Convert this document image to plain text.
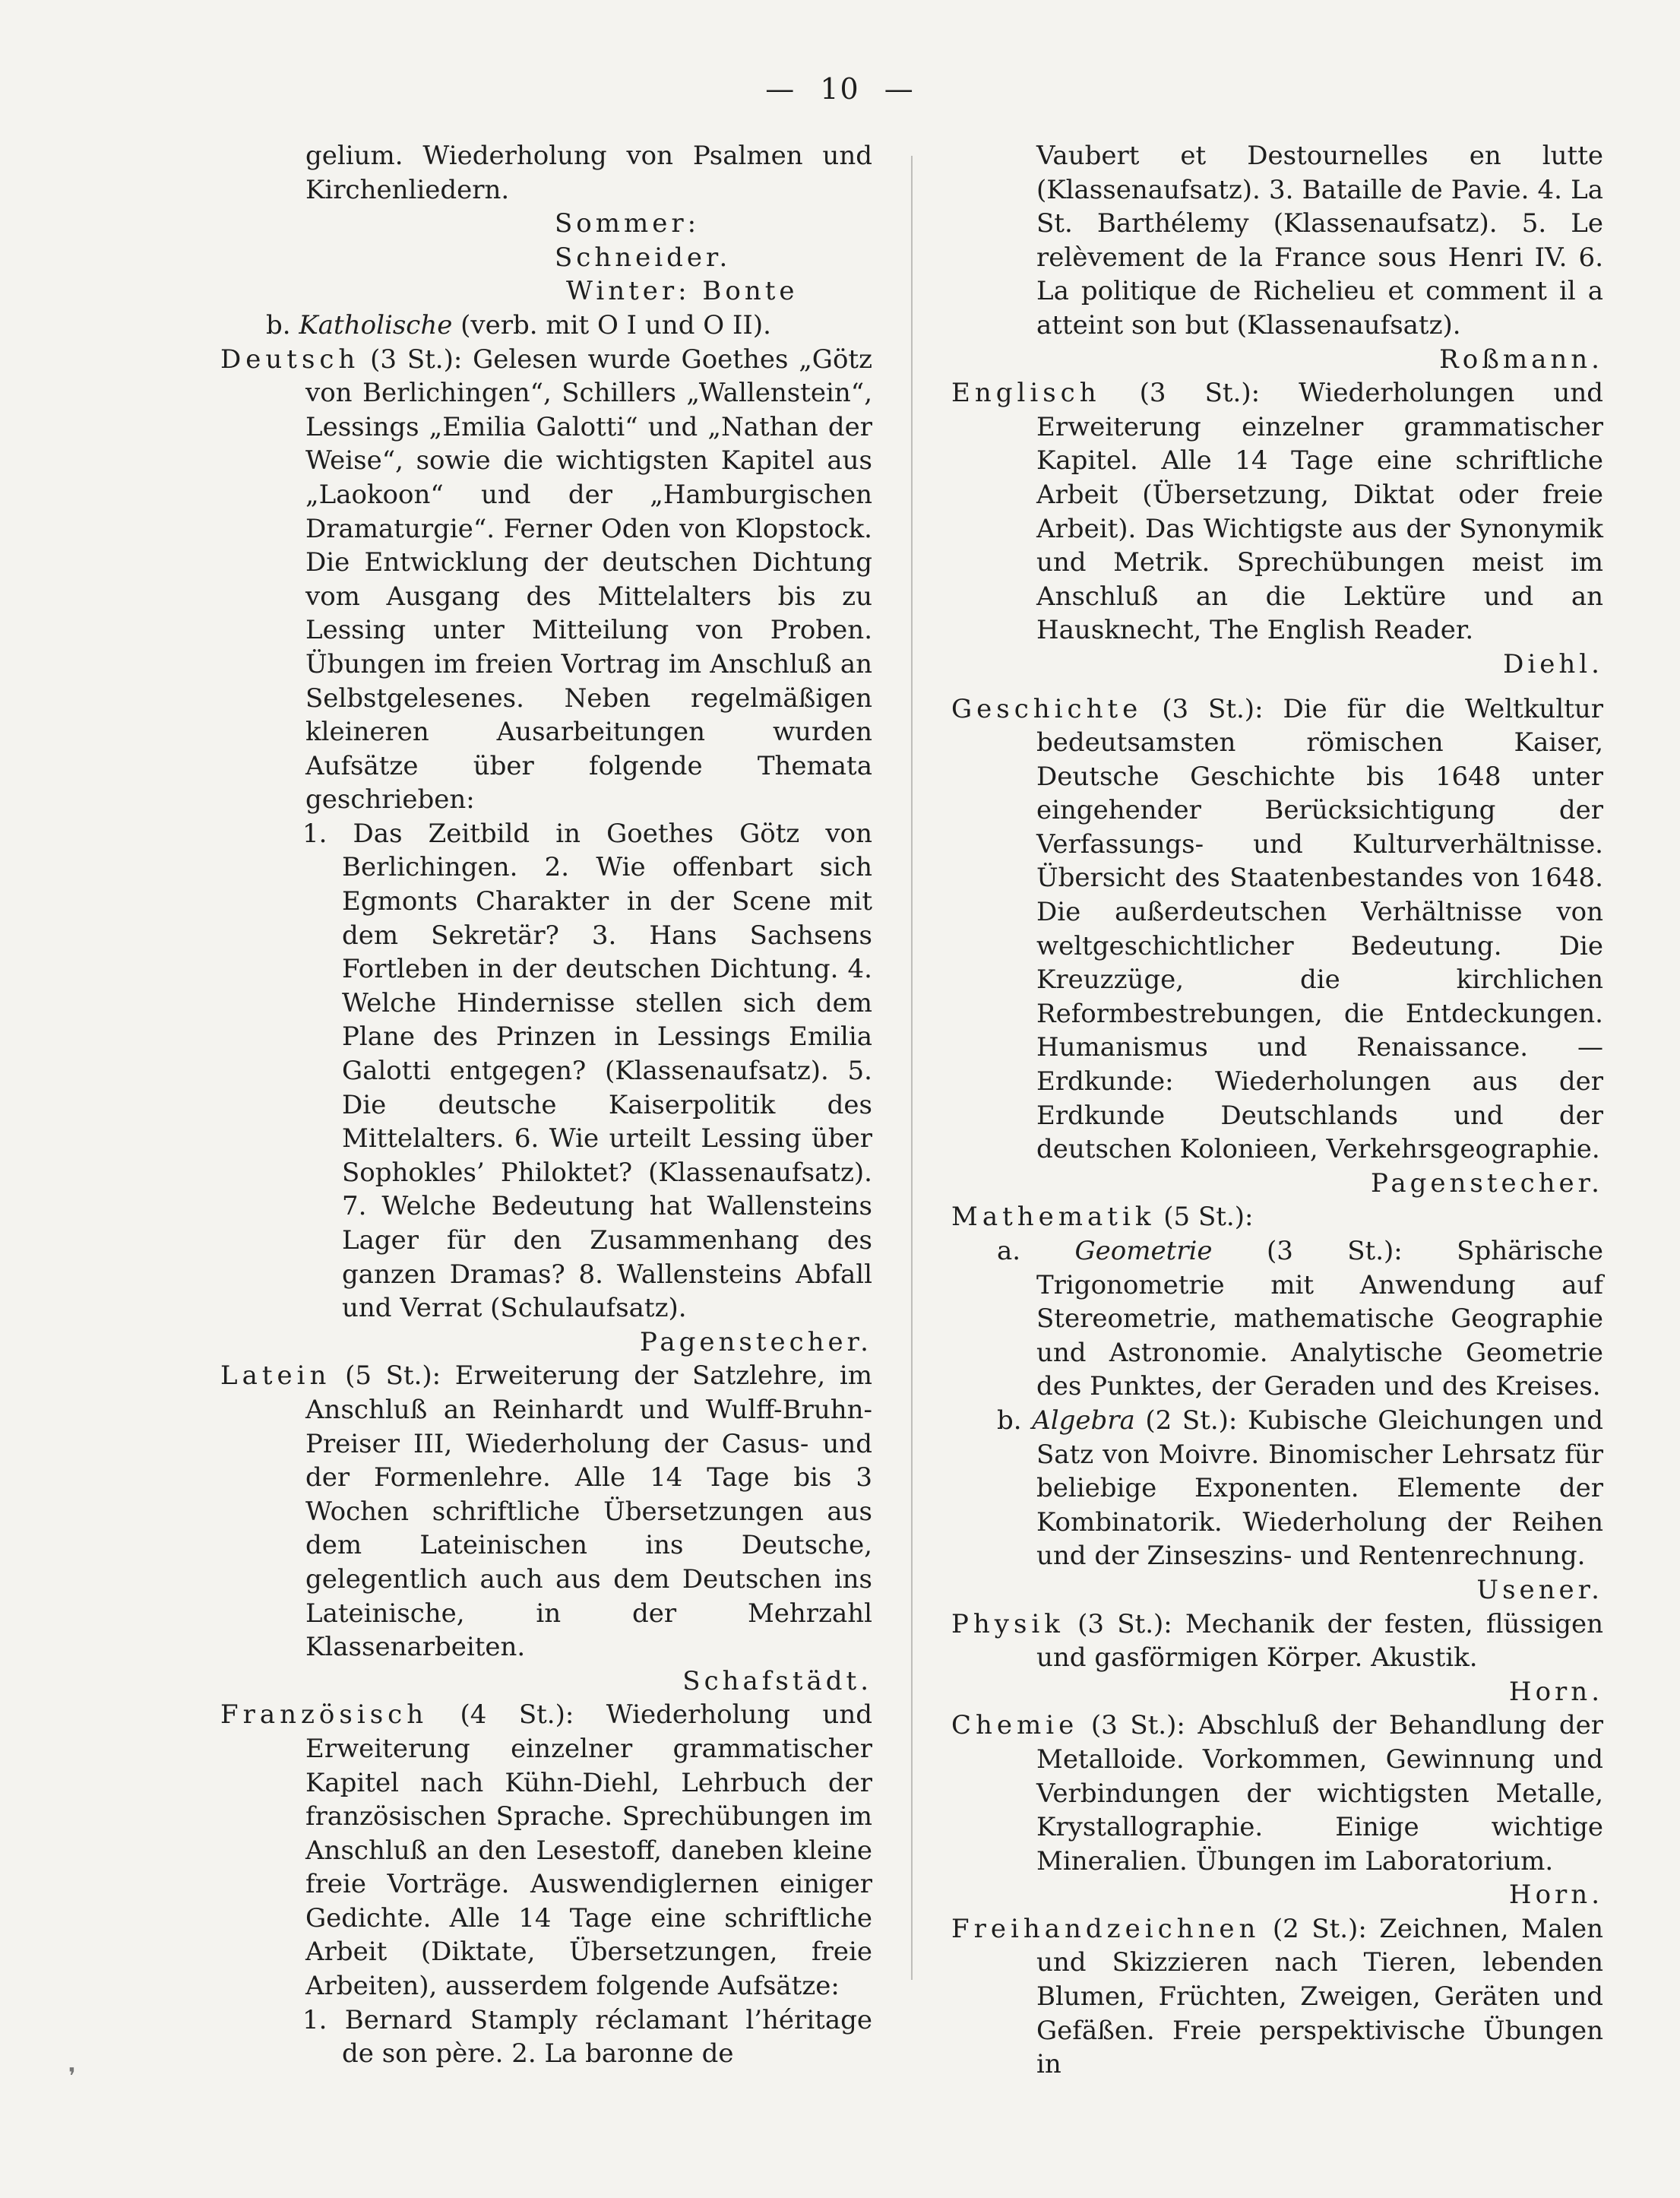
— 10 —

gelium. Wiederholung von Psalmen und Kirchenliedern.

Sommer: Schneider.

Winter: Bonte

b. Katholische (verb. mit O I und O II).

Deutsch (3 St.): Gelesen wurde Goethes „Götz von Berlichingen“, Schillers „Wallenstein“, Lessings „Emilia Galotti“ und „Nathan der Weise“, sowie die wichtigsten Kapitel aus „Laokoon“ und der „Hamburgischen Dramaturgie“. Ferner Oden von Klopstock. Die Entwicklung der deutschen Dichtung vom Ausgang des Mittelalters bis zu Lessing unter Mitteilung von Proben. Übungen im freien Vortrag im Anschluß an Selbstgelesenes. Neben regelmäßigen kleineren Ausarbeitungen wurden Aufsätze über folgende Themata geschrieben:

1. Das Zeitbild in Goethes Götz von Berlichingen. 2. Wie offenbart sich Egmonts Charakter in der Scene mit dem Sekretär? 3. Hans Sachsens Fortleben in der deutschen Dichtung. 4. Welche Hindernisse stellen sich dem Plane des Prinzen in Lessings Emilia Galotti entgegen? (Klassenaufsatz). 5. Die deutsche Kaiserpolitik des Mittelalters. 6. Wie urteilt Lessing über Sophokles’ Philoktet? (Klassenaufsatz). 7. Welche Bedeutung hat Wallensteins Lager für den Zusammenhang des ganzen Dramas? 8. Wallensteins Abfall und Verrat (Schulaufsatz).
Pagenstecher.

Latein (5 St.): Erweiterung der Satzlehre, im Anschluß an Reinhardt und Wulff-Bruhn-Preiser III, Wiederholung der Casus- und der Formenlehre. Alle 14 Tage bis 3 Wochen schriftliche Übersetzungen aus dem Lateinischen ins Deutsche, gelegentlich auch aus dem Deutschen ins Lateinische, in der Mehrzahl Klassenarbeiten.

Schafstädt.

Französisch (4 St.): Wiederholung und Erweiterung einzelner grammatischer Kapitel nach Kühn-Diehl, Lehrbuch der französischen Sprache. Sprechübungen im Anschluß an den Lesestoff, daneben kleine freie Vorträge. Auswendiglernen einiger Gedichte. Alle 14 Tage eine schriftliche Arbeit (Diktate, Übersetzungen, freie Arbeiten), ausserdem folgende Aufsätze:

1. Bernard Stamply réclamant l’héritage de son père. 2. La baronne de

Vaubert et Destournelles en lutte (Klassenaufsatz). 3. Bataille de Pavie. 4. La St. Barthélemy (Klassenaufsatz). 5. Le relèvement de la France sous Henri IV. 6. La politique de Richelieu et comment il a atteint son but (Klassenaufsatz).
Roßmann.

Englisch (3 St.): Wiederholungen und Erweiterung einzelner grammatischer Kapitel. Alle 14 Tage eine schriftliche Arbeit (Übersetzung, Diktat oder freie Arbeit). Das Wichtigste aus der Synonymik und Metrik. Sprechübungen meist im Anschluß an die Lektüre und an Hausknecht, The English Reader.

Diehl.

Geschichte (3 St.): Die für die Weltkultur bedeutsamsten römischen Kaiser, Deutsche Geschichte bis 1648 unter eingehender Berücksichtigung der Verfassungs- und Kulturverhältnisse. Übersicht des Staatenbestandes von 1648. Die außerdeutschen Verhältnisse von weltgeschichtlicher Bedeutung. Die Kreuzzüge, die kirchlichen Reformbestrebungen, die Entdeckungen. Humanismus und Renaissance. — Erdkunde: Wiederholungen aus der Erdkunde Deutschlands und der deutschen Kolonieen, Verkehrsgeographie.
Pagenstecher.

Mathematik (5 St.):

a. Geometrie (3 St.): Sphärische Trigonometrie mit Anwendung auf Stereometrie, mathematische Geographie und Astronomie. Analytische Geometrie des Punktes, der Geraden und des Kreises.

b. Algebra (2 St.): Kubische Gleichungen und Satz von Moivre. Binomischer Lehrsatz für beliebige Exponenten. Elemente der Kombinatorik. Wiederholung der Reihen und der Zinseszins- und Rentenrechnung.

Usener.

Physik (3 St.): Mechanik der festen, flüssigen und gasförmigen Körper. Akustik.

Horn.

Chemie (3 St.): Abschluß der Behandlung der Metalloide. Vorkommen, Gewinnung und Verbindungen der wichtigsten Metalle, Krystallographie. Einige wichtige Mineralien. Übungen im Laboratorium.

Horn.

Freihandzeichnen (2 St.): Zeichnen, Malen und Skizzieren nach Tieren, lebenden Blumen, Früchten, Zweigen, Geräten und Gefäßen. Freie perspektivische Übungen in

❜
